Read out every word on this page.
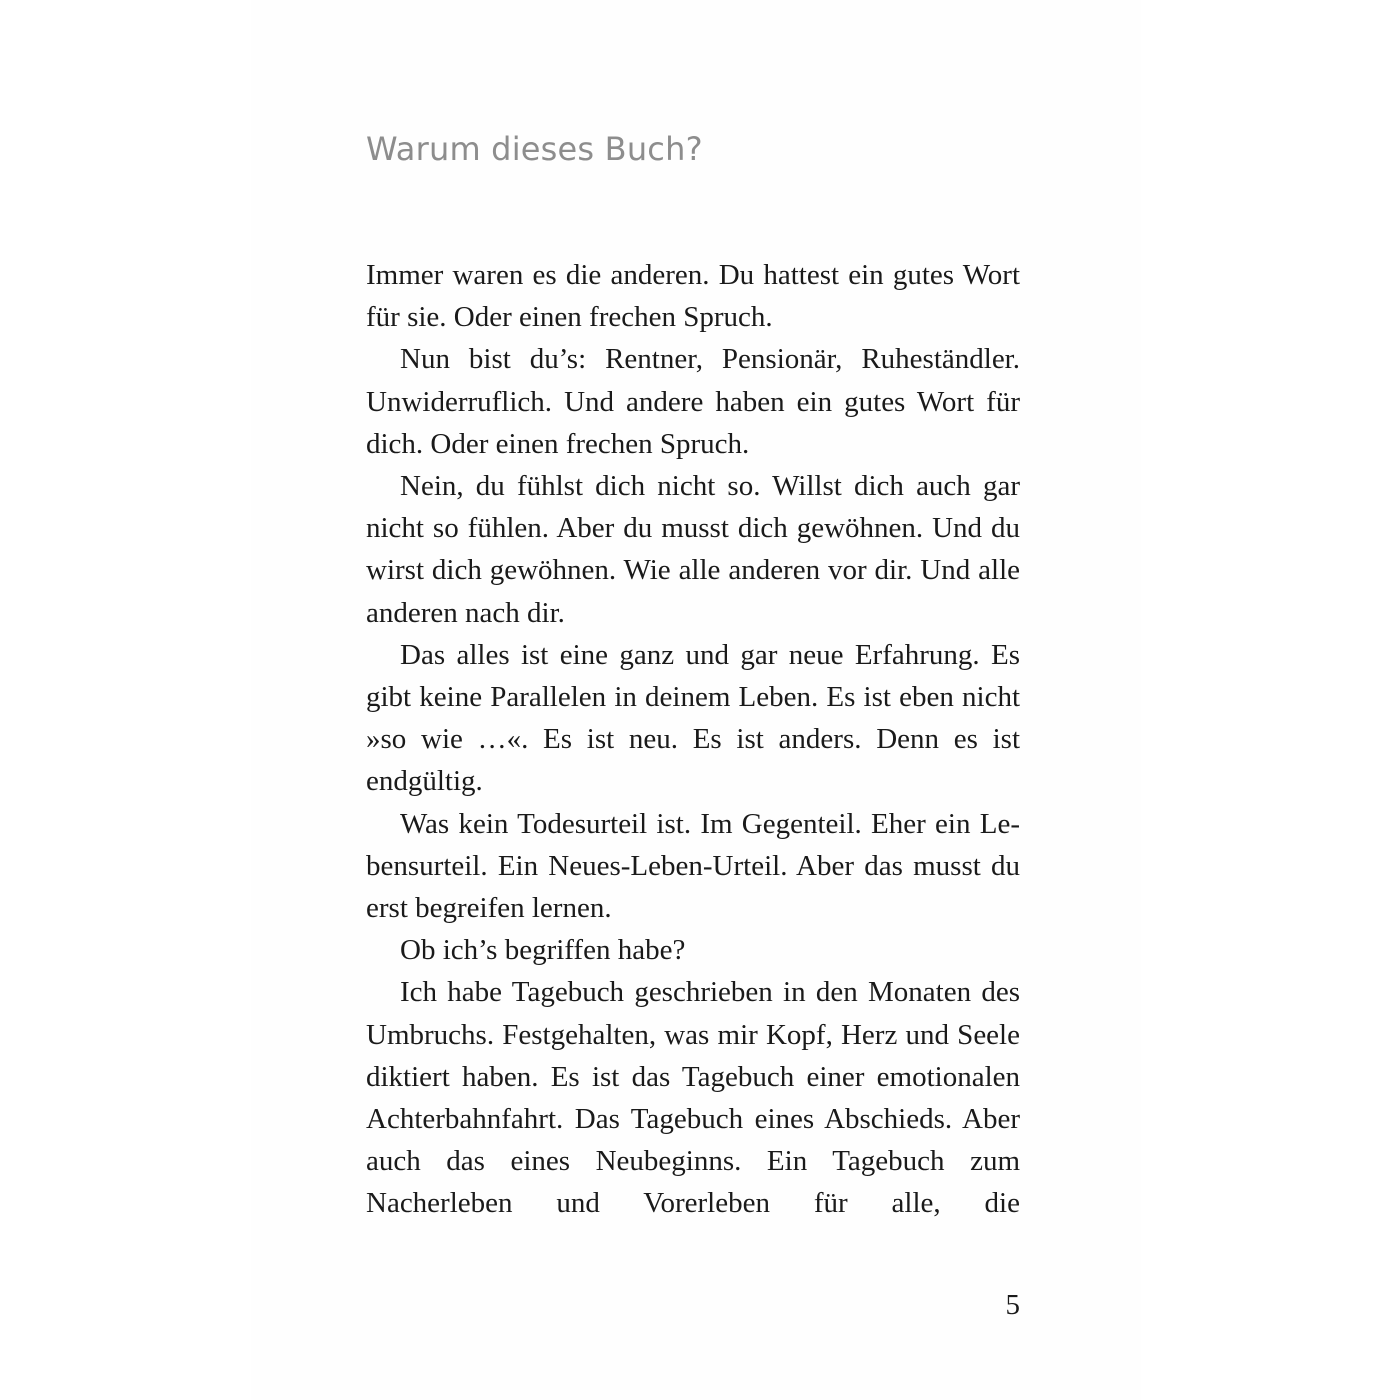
Warum dieses Buch?

Immer waren es die anderen. Du hattest ein gutes Wort für sie. Oder einen frechen Spruch.

Nun bist du’s: Rentner, Pensionär, Ruheständler. Unwiderruflich. Und andere haben ein gutes Wort für dich. Oder einen frechen Spruch.

Nein, du fühlst dich nicht so. Willst dich auch gar nicht so fühlen. Aber du musst dich gewöhnen. Und du wirst dich gewöhnen. Wie alle anderen vor dir. Und alle anderen nach dir.

Das alles ist eine ganz und gar neue Erfahrung. Es gibt keine Parallelen in deinem Leben. Es ist eben nicht »so wie …«. Es ist neu. Es ist anders. Denn es ist endgültig.

Was kein Todesurteil ist. Im Gegenteil. Eher ein Lebensurteil. Ein Neues-Leben-Urteil. Aber das musst du erst begreifen lernen.

Ob ich’s begriffen habe?

Ich habe Tagebuch geschrieben in den Monaten des Umbruchs. Festgehalten, was mir Kopf, Herz und Seele diktiert haben. Es ist das Tagebuch einer emotionalen Achterbahnfahrt. Das Tagebuch eines Abschieds. Aber auch das eines Neubeginns. Ein Tagebuch zum Nacherleben und Vorerleben für alle, die

5
